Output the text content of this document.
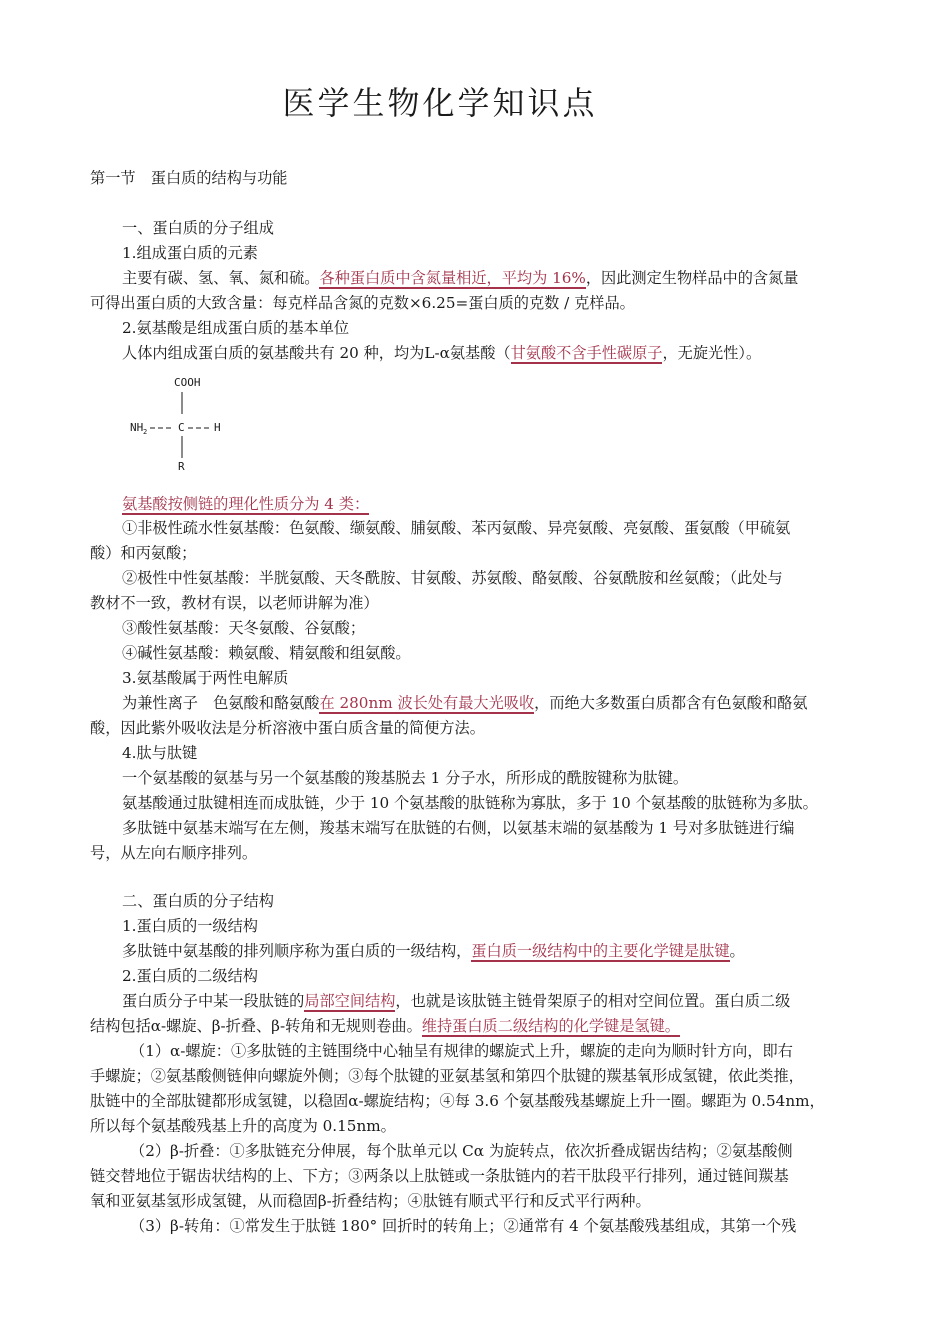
医学生物化学知识点

第一节　蛋白质的结构与功能

一、蛋白质的分子组成

1.组成蛋白质的元素

主要有碳、氢、氧、氮和硫。各种蛋白质中含氮量相近，平均为 16%，因此测定生物样品中的含氮量

可得出蛋白质的大致含量：每克样品含氮的克数×6.25=蛋白质的克数 / 克样品。

2.氨基酸是组成蛋白质的基本单位

人体内组成蛋白质的氨基酸共有 20 种，均为L-α氨基酸（甘氨酸不含手性碳原子，无旋光性）。

COOH
NH 2	C	H
R

氨基酸按侧链的理化性质分为 4 类：

①非极性疏水性氨基酸：色氨酸、缬氨酸、脯氨酸、苯丙氨酸、异亮氨酸、亮氨酸、蛋氨酸（甲硫氨

酸）和丙氨酸；

②极性中性氨基酸：半胱氨酸、天冬酰胺、甘氨酸、苏氨酸、酪氨酸、谷氨酰胺和丝氨酸；（此处与

教材不一致，教材有误，以老师讲解为准）

③酸性氨基酸：天冬氨酸、谷氨酸；

④碱性氨基酸：赖氨酸、精氨酸和组氨酸。

3.氨基酸属于两性电解质

为兼性离子　色氨酸和酪氨酸在 280nm 波长处有最大光吸收，而绝大多数蛋白质都含有色氨酸和酪氨

酸，因此紫外吸收法是分析溶液中蛋白质含量的简便方法。

4.肽与肽键

一个氨基酸的氨基与另一个氨基酸的羧基脱去 1 分子水，所形成的酰胺键称为肽键。

氨基酸通过肽键相连而成肽链，少于 10 个氨基酸的肽链称为寡肽，多于 10 个氨基酸的肽链称为多肽。

多肽链中氨基末端写在左侧，羧基末端写在肽链的右侧，以氨基末端的氨基酸为 1 号对多肽链进行编

号，从左向右顺序排列。

二、蛋白质的分子结构

1.蛋白质的一级结构

多肽链中氨基酸的排列顺序称为蛋白质的一级结构，蛋白质一级结构中的主要化学键是肽键。

2.蛋白质的二级结构

蛋白质分子中某一段肽链的局部空间结构，也就是该肽链主链骨架原子的相对空间位置。蛋白质二级

结构包括α-螺旋、β-折叠、β-转角和无规则卷曲。维持蛋白质二级结构的化学键是氢键。

（1）α-螺旋：①多肽链的主链围绕中心轴呈有规律的螺旋式上升，螺旋的走向为顺时针方向，即右

手螺旋；②氨基酸侧链伸向螺旋外侧；③每个肽键的亚氨基氢和第四个肽键的羰基氧形成氢键，依此类推，

肽链中的全部肽键都形成氢键，以稳固α-螺旋结构；④每 3.6 个氨基酸残基螺旋上升一圈。螺距为 0.54nm，

所以每个氨基酸残基上升的高度为 0.15nm。

（2）β-折叠：①多肽链充分伸展，每个肽单元以 Cα 为旋转点，依次折叠成锯齿结构；②氨基酸侧

链交替地位于锯齿状结构的上、下方；③两条以上肽链或一条肽链内的若干肽段平行排列，通过链间羰基

氧和亚氨基氢形成氢键，从而稳固β-折叠结构；④肽链有顺式平行和反式平行两种。

（3）β-转角：①常发生于肽链 180° 回折时的转角上；②通常有 4 个氨基酸残基组成，其第一个残
